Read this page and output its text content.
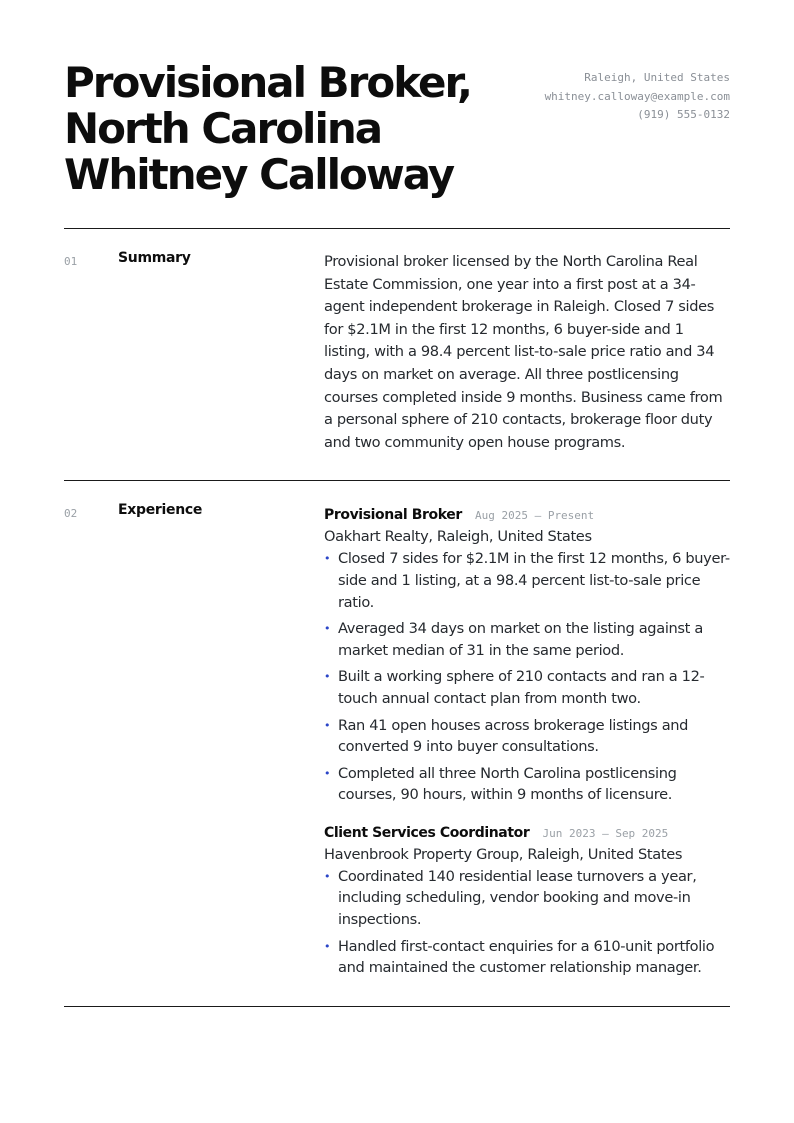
Provisional Broker,
North Carolina
Whitney Calloway
Raleigh, United States
whitney.calloway@example.com
(919) 555-0132
01	Summary	Provisional broker licensed by the North Carolina Real Estate Commission, one year into a first post at a 34-agent independent brokerage in Raleigh. Closed 7 sides for $2.1M in the first 12 months, 6 buyer-side and 1 listing, with a 98.4 percent list-to-sale price ratio and 34 days on market on average. All three postlicensing courses completed inside 9 months. Business came from a personal sphere of 210 contacts, brokerage floor duty and two community open house programs.

02	Experience	Provisional Broker Aug 2025 — Present
Oakhart Realty, Raleigh, United States
• Closed 7 sides for $2.1M in the first 12 months, 6 buyer-side and 1 listing, at a 98.4 percent list-to-sale price ratio.
• Averaged 34 days on market on the listing against a market median of 31 in the same period.
• Built a working sphere of 210 contacts and ran a 12-touch annual contact plan from month two.
• Ran 41 open houses across brokerage listings and converted 9 into buyer consultations.
• Completed all three North Carolina postlicensing courses, 90 hours, within 9 months of licensure.
Client Services Coordinator Jun 2023 — Sep 2025
Havenbrook Property Group, Raleigh, United States
• Coordinated 140 residential lease turnovers a year, including scheduling, vendor booking and move-in inspections.
• Handled first-contact enquiries for a 610-unit portfolio and maintained the customer relationship manager.
